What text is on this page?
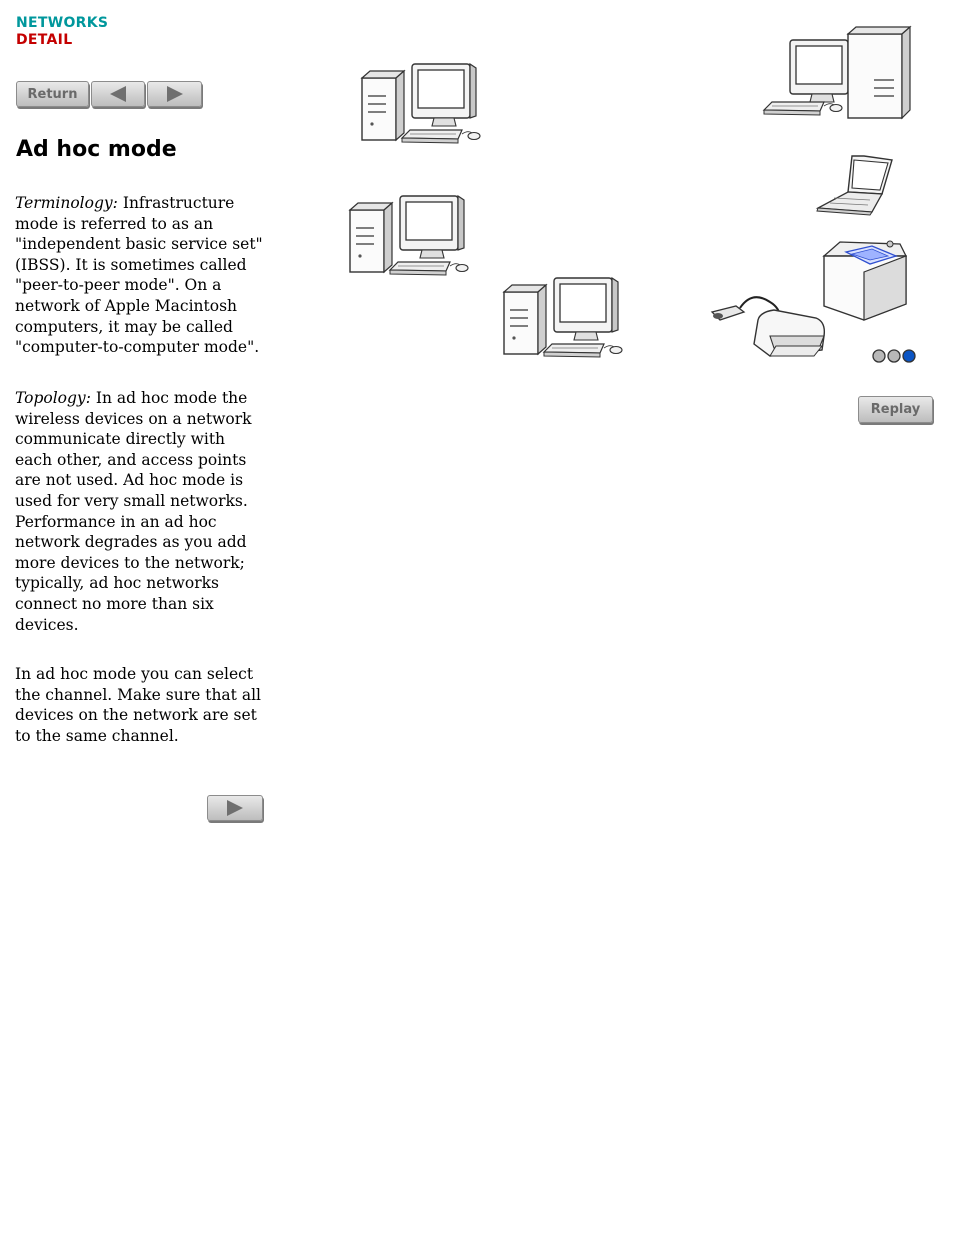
NETWORKS
DETAIL
Return
Ad hoc mode

Terminology: Infrastructure mode is referred to as an "independent basic service set" (IBSS). It is sometimes called "peer-to-peer mode". On a network of Apple Macintosh computers, it may be called "computer-to-computer mode".

Topology: In ad hoc mode the wireless devices on a network communicate directly with each other, and access points are not used. Ad hoc mode is used for very small networks. Performance in an ad hoc network degrades as you add more devices to the network; typically, ad hoc networks connect no more than six devices.

In ad hoc mode you can select the channel. Make sure that all devices on the network are set to the same channel.

Replay
